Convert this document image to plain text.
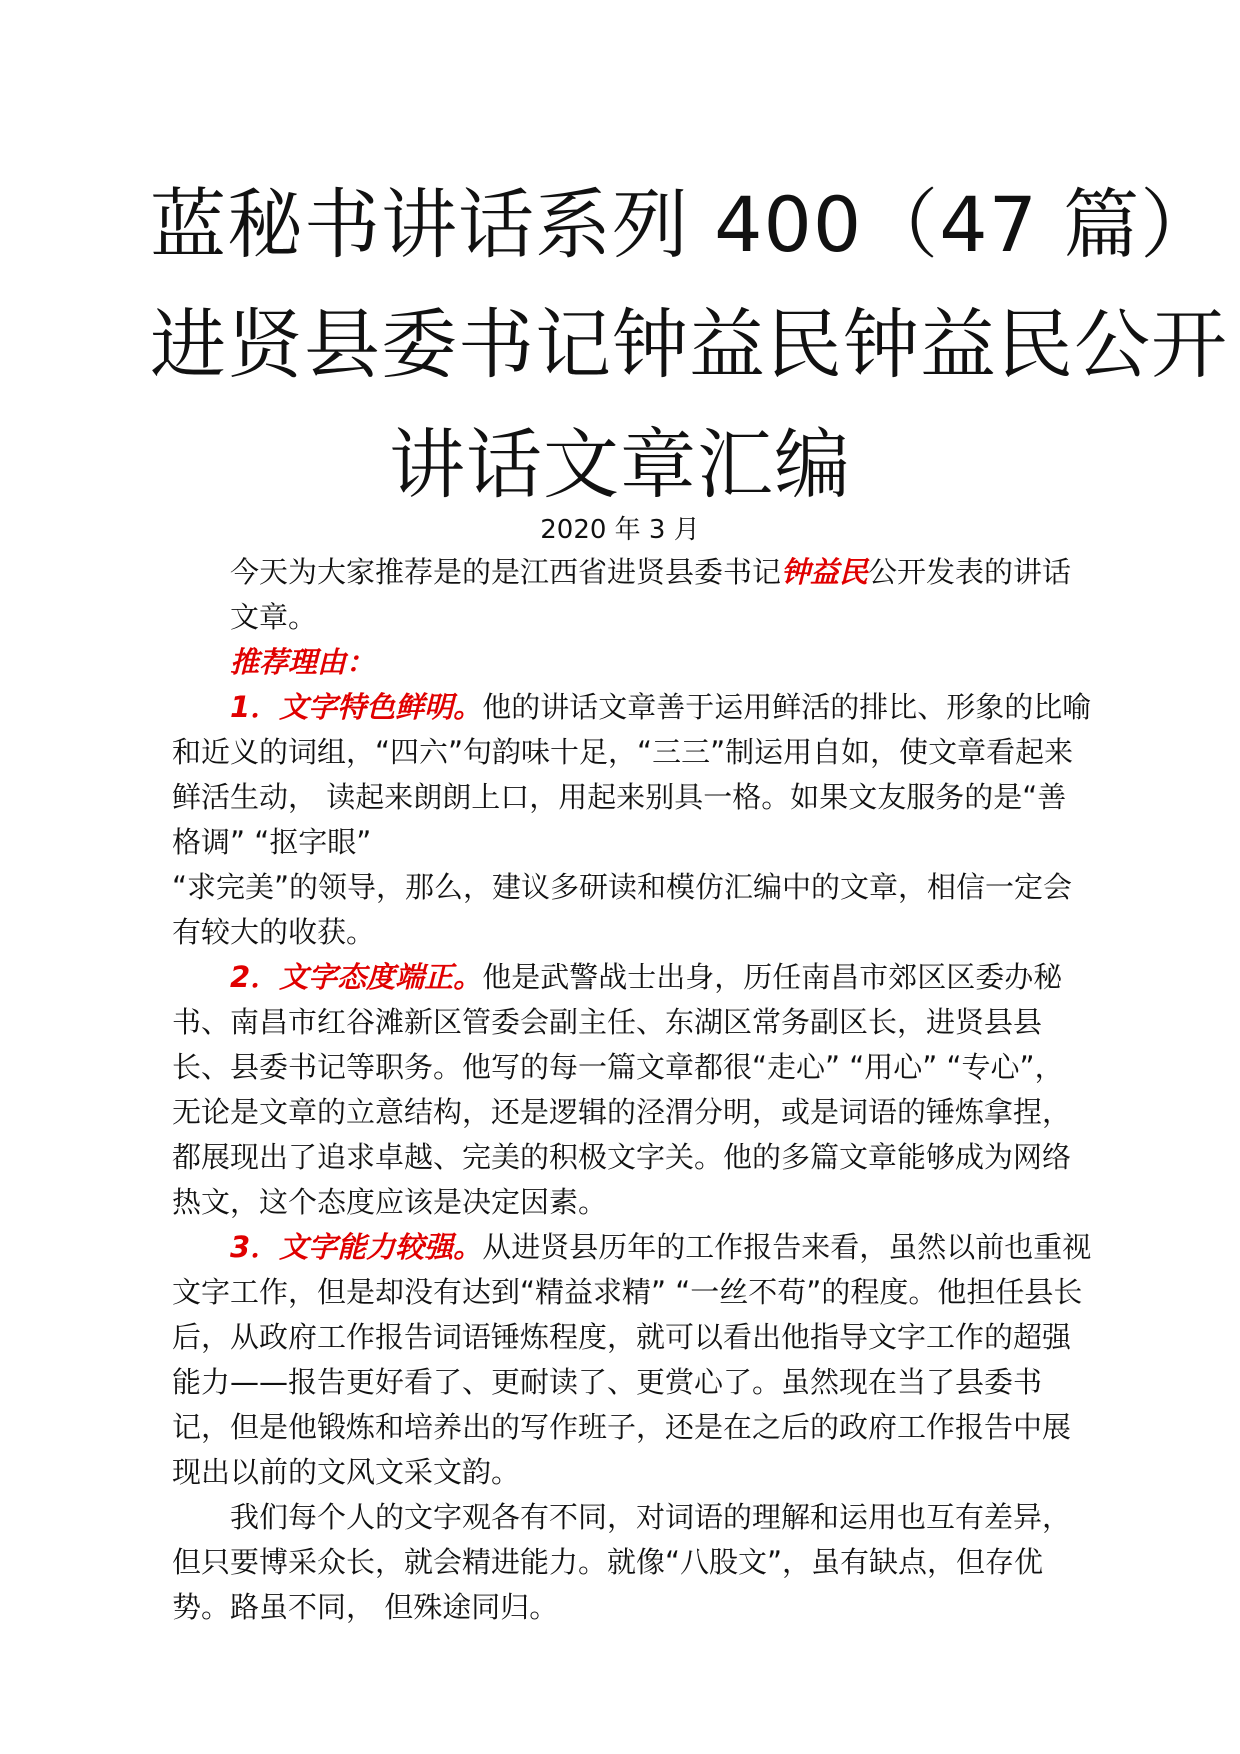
蓝秘书讲话系列 400（47 篇）
进贤县委书记钟益民钟益民公开
讲话文章汇编
2020 年 3 月

今天为大家推荐是的是江西省进贤县委书记钟益民公开发表的讲话文章。

推荐理由：

1．文字特色鲜明。他的讲话文章善于运用鲜活的排比、形象的比喻和近义的词组，“四六”句韵味十足，“三三”制运用自如，使文章看起来鲜活生动， 读起来朗朗上口，用起来别具一格。如果文友服务的是“善格调” “抠字眼”

“求完美”的领导，那么，建议多研读和模仿汇编中的文章，相信一定会有较大的收获。

2．文字态度端正。他是武警战士出身，历任南昌市郊区区委办秘书、南昌市红谷滩新区管委会副主任、东湖区常务副区长，进贤县县长、县委书记等职务。他写的每一篇文章都很“走心” “用心” “专心”，无论是文章的立意结构，还是逻辑的泾渭分明，或是词语的锤炼拿捏，都展现出了追求卓越、完美的积极文字关。他的多篇文章能够成为网络热文，这个态度应该是决定因素。

3．文字能力较强。从进贤县历年的工作报告来看，虽然以前也重视文字工作，但是却没有达到“精益求精” “一丝不苟”的程度。他担任县长后，从政府工作报告词语锤炼程度，就可以看出他指导文字工作的超强能力——报告更好看了、更耐读了、更赏心了。虽然现在当了县委书记，但是他锻炼和培养出的写作班子，还是在之后的政府工作报告中展现出以前的文风文采文韵。

我们每个人的文字观各有不同，对词语的理解和运用也互有差异，但只要博采众长，就会精进能力。就像“八股文”，虽有缺点，但存优势。路虽不同， 但殊途同归。
